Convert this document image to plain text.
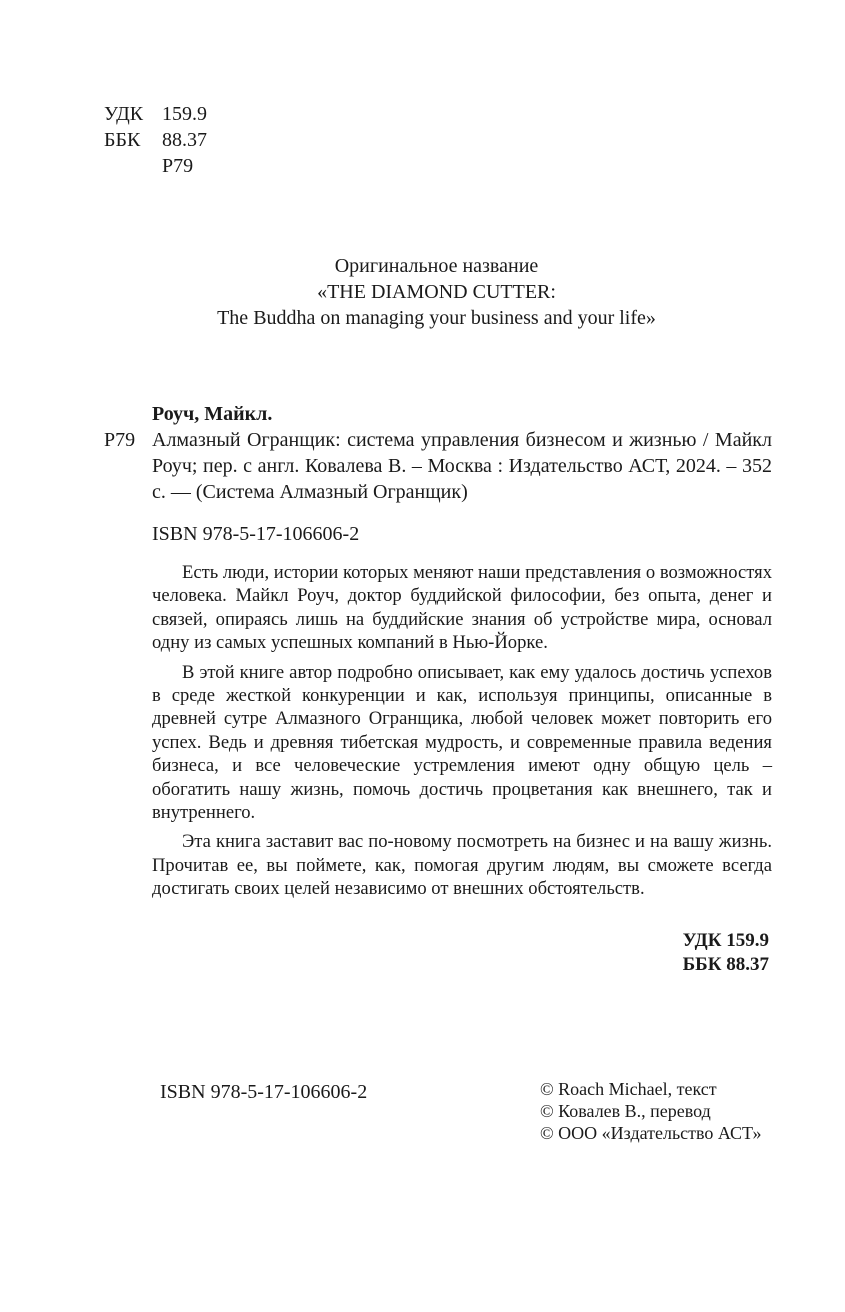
УДК 159.9
ББК	88.37
Р79
Оригинальное название
«THE DIAMOND CUTTER:
The Buddha on managing your business and your life»
Роуч, Майкл.
Р79 Алмазный Огранщик: система управления бизнесом и жизнью / Майкл Роуч; пер. с англ. Ковалева В. – Москва : Издательство АСТ, 2024. – 352 с. — (Система Алмазный Огранщик)
ISBN 978-5-17-106606-2

Есть люди, истории которых меняют наши представления о возможностях человека. Майкл Роуч, доктор буддийской философии, без опыта, денег и связей, опираясь лишь на буддийские знания об устройстве мира, основал одну из самых успешных компаний в Нью-Йорке.

В этой книге автор подробно описывает, как ему удалось достичь успехов в среде жесткой конкуренции и как, используя принципы, описанные в древней сутре Алмазного Огранщика, любой человек может повторить его успех. Ведь и древняя тибетская мудрость, и современные правила ведения бизнеса, и все человеческие устремления имеют одну общую цель – обогатить нашу жизнь, помочь достичь процветания как внешнего, так и внутреннего.

Эта книга заставит вас по-новому посмотреть на бизнес и на вашу жизнь. Прочитав ее, вы поймете, как, помогая другим людям, вы сможете всегда достигать своих целей независимо от внешних обстоятельств.

УДК 159.9
ББК 88.37
ISBN 978-5-17-106606-2	© Roach Michael, текст
© Ковалев В., перевод
© ООО «Издательство АСТ»
